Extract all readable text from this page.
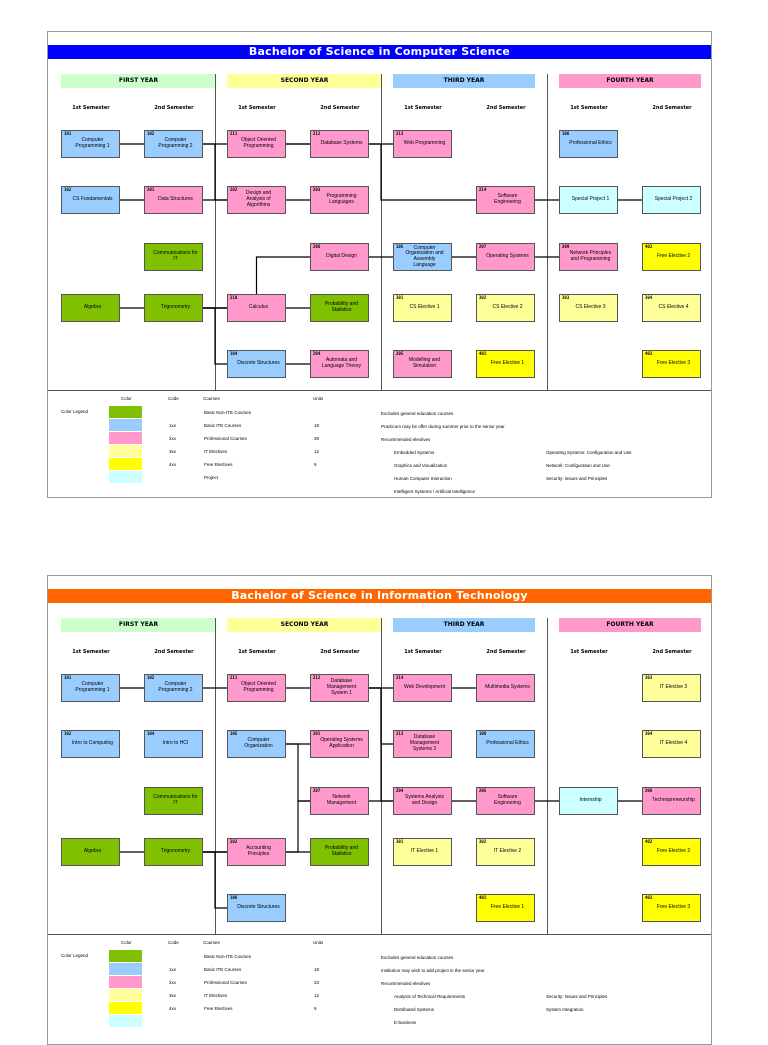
Bachelor of Science in Computer Science
FIRST YEAR	SECOND YEAR	THIRD YEAR	FOURTH YEAR
1st Semester	2nd Semester	1st Semester	2nd Semester	1st Semester	2nd Semester	1st Semester	2nd Semester
101
Computer Programming 1
102
CS Fundamentals
Algebra
102
Computer Programming 2
201
Data Structures
Communications for IT
Trigonometry
211
Object Oriented Programming
202
Design and Analysis of Algorithms
210
Calculus
104
Discrete Structures
212
Database Systems
203
Programming Languages
206
Digital Design
Probability and Statistics
204
Automata and Language Theory
213
Web Programming
105	Computer Organization and Assembly Language
301
CS Elective 1
205
Modelling and Simulation
214
Software Engineering
207
Operating Systems
302
CS Elective 2
401
Free Elective 1
106
Professional Ethics
Special Project 1
209
Network Principles and Programming
303
CS Elective 3
Special Project 2
402
Free Elective 2
304
CS Elective 4
403
Free Elective 3
Color	Code	Courses	Units
Color Legend	Basic Non-ITE Courses
1xx	Basic ITE Courses	18
2xx	Professional Courses	39
3xx	IT Electives	12
4xx	Free Electives	9
Project
Excludes general education courses
Practicum may be offer during summer prior to the senior year
Recommended electives
Embedded Systems
Graphics and Visualization
Human Computer Interaction
Intelligent Systems / Artificial Intelligence
Operating Systems: Configuration and Use
Network: Configuration and Use
Security: Issues and Principles
Bachelor of Science in Information Technology
FIRST YEAR	SECOND YEAR	THIRD YEAR	FOURTH YEAR
1st Semester	2nd Semester	1st Semester	2nd Semester	1st Semester	2nd Semester	1st Semester	2nd Semester
101
Computer Programming 1
102
Intro to Computing
Algebra
102
Computer Programming 2
104
Intro to HCI
Communications for IT
Trigonometry
211
Object Oriented Programming
105
Computer Organization
202
Accounting Principles
106
Discrete Structures
212
Database Management System 1
201
Operating Systems Application
207
Network Management
Probability and Statistics
214
Web Development
213
Database Management Systems 2
204
Systems Analysis and Design
301
IT Elective 1
Multimedia Systems
106
Professional Ethics
205
Software Engineering
302
IT Elective 2
401
Free Elective 1
Internship
303
IT Elective 3
304
IT Elective 4
208
Technopreneurship
402
Free Elective 2
403
Free Elective 3
Color	Code	Courses	Units
Color Legend	Basic Non-ITE Courses
1xx	Basic ITE Courses	18
2xx	Professional Courses	33
3xx	IT Electives	12
4xx	Free Electives	9
Excludes general education courses
Institution may wish to add project in the senior year
Recommended electives
Analysis of Technical Requirements
Distributed Systems
E-business
Security: Issues and Principles
System Integration
